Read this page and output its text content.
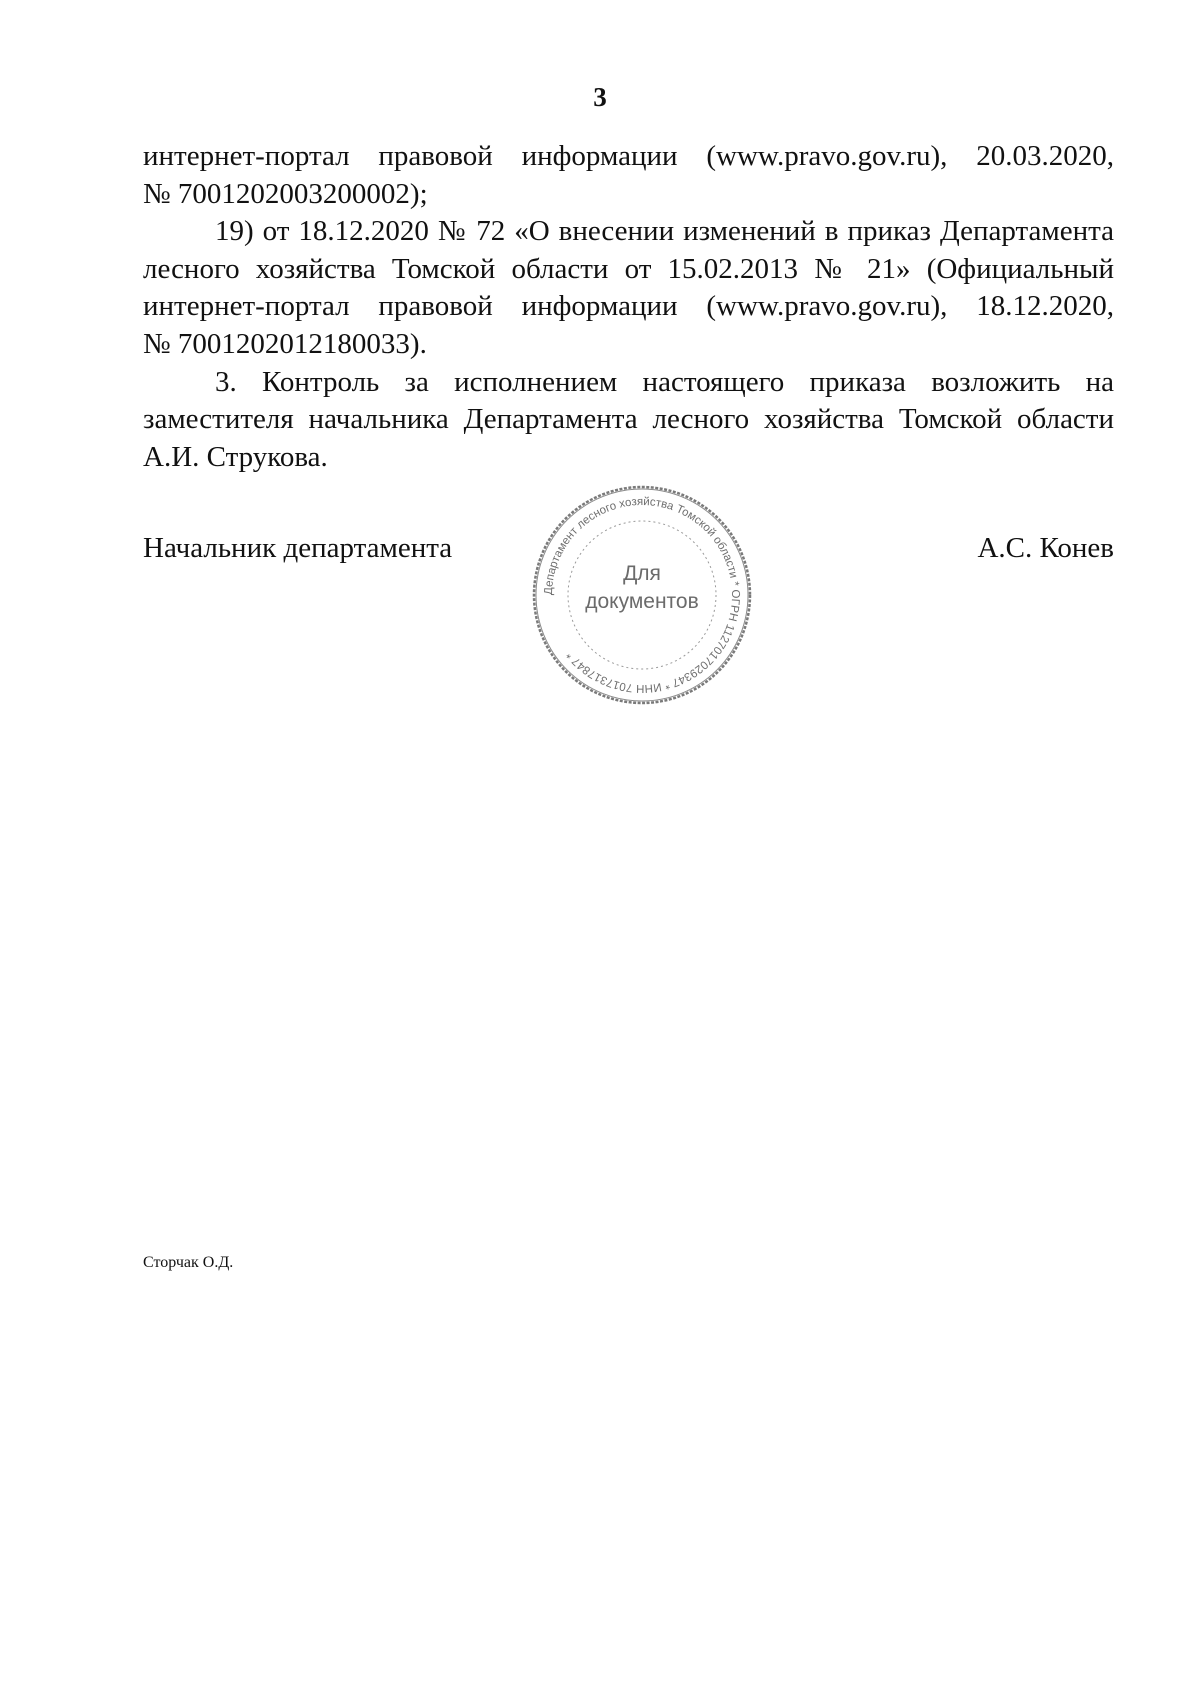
3

интернет-портал правовой информации (www.pravo.gov.ru), 20.03.2020,

№ 7001202003200002);

19) от 18.12.2020 № 72 «О внесении изменений в приказ Департамента лесного хозяйства Томской области от 15.02.2013 № 21» (Официальный интернет-портал правовой информации (www.pravo.gov.ru), 18.12.2020,

№ 7001202012180033).

3. Контроль за исполнением настоящего приказа возложить на заместителя начальника Департамента лесного хозяйства Томской области А.И. Струкова.

Начальник департамента	А.С. Конев
Департамент лесного хозяйства Томской области * ОГРН 1127017029347 * ИНН 7017317847 *
Для
документов
Сторчак О.Д.
